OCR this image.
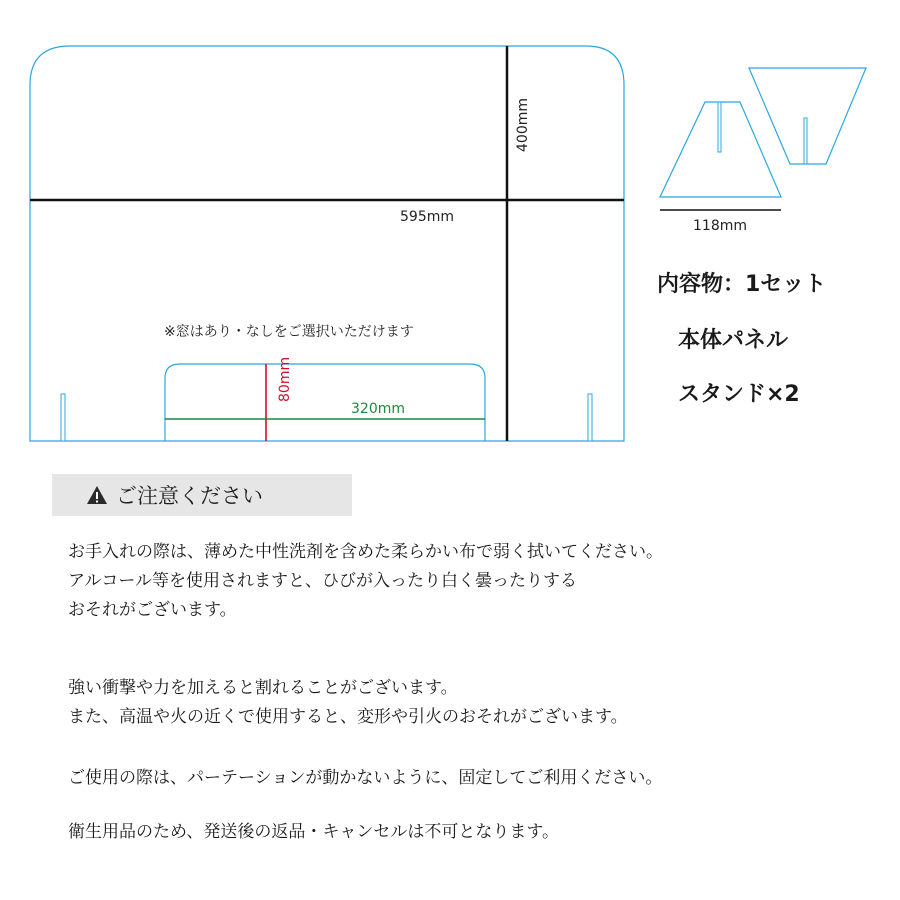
595mm
400mm
※窓はあり・なしをご選択いただけます
80mm
320mm
118mm
内容物：1セット
本体パネル
スタンド×2
ご注意ください
お手入れの際は、薄めた中性洗剤を含めた柔らかい布で弱く拭いてください。
アルコール等を使用されますと、ひびが入ったり白く曇ったりする
おそれがございます。
強い衝撃や力を加えると割れることがございます。
また、高温や火の近くで使用すると、変形や引火のおそれがございます。
ご使用の際は、パーテーションが動かないように、固定してご利用ください。
衛生用品のため、発送後の返品・キャンセルは不可となります。
